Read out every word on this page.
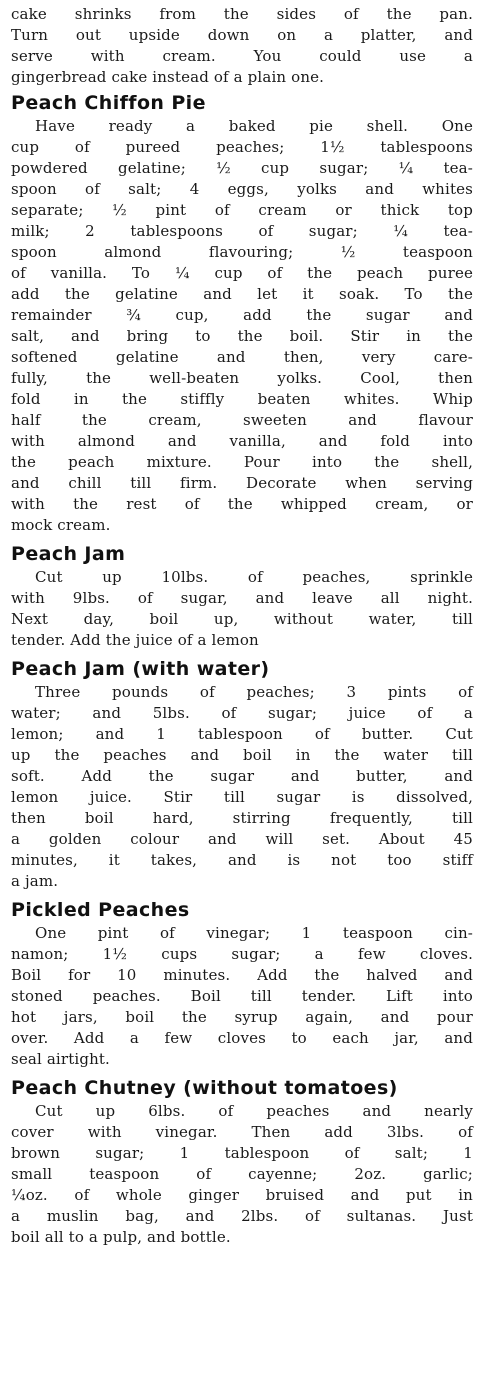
cake shrinks from the sides of the pan.
Turn out upside down on a platter, and
serve with cream. You could use a
gingerbread cake instead of a plain one.
Peach Chiffon Pie
Have ready a baked pie shell. One
cup of pureed peaches; 1½ tablespoons
powdered gelatine; ½ cup sugar; ¼ tea-
spoon of salt; 4 eggs, yolks and whites
separate; ½ pint of cream or thick top
milk; 2 tablespoons of sugar; ¼ tea-
spoon almond flavouring; ½ teaspoon
of vanilla. To ¼ cup of the peach puree
add the gelatine and let it soak. To the
remainder ¾ cup, add the sugar and
salt, and bring to the boil. Stir in the
softened gelatine and then, very care-
fully, the well-beaten yolks. Cool, then
fold in the stiffly beaten whites. Whip
half the cream, sweeten and flavour
with almond and vanilla, and fold into
the peach mixture. Pour into the shell,
and chill till firm. Decorate when serving
with the rest of the whipped cream, or
mock cream.
Peach Jam
Cut up 10lbs. of peaches, sprinkle
with 9lbs. of sugar, and leave all night.
Next day, boil up, without water, till
tender. Add the juice of a lemon
Peach Jam (with water)
Three pounds of peaches; 3 pints of
water; and 5lbs. of sugar; juice of a
lemon; and 1 tablespoon of butter. Cut
up the peaches and boil in the water till
soft. Add the sugar and butter, and
lemon juice. Stir till sugar is dissolved,
then boil hard, stirring frequently, till
a golden colour and will set. About 45
minutes, it takes, and is not too stiff
a jam.
Pickled Peaches
One pint of vinegar; 1 teaspoon cin-
namon; 1½ cups sugar; a few cloves.
Boil for 10 minutes. Add the halved and
stoned peaches. Boil till tender. Lift into
hot jars, boil the syrup again, and pour
over. Add a few cloves to each jar, and
seal airtight.
Peach Chutney (without tomatoes)
Cut up 6lbs. of peaches and nearly
cover with vinegar. Then add 3lbs. of
brown sugar; 1 tablespoon of salt; 1
small teaspoon of cayenne; 2oz. garlic;
¼oz. of whole ginger bruised and put in
a muslin bag, and 2lbs. of sultanas. Just
boil all to a pulp, and bottle.
